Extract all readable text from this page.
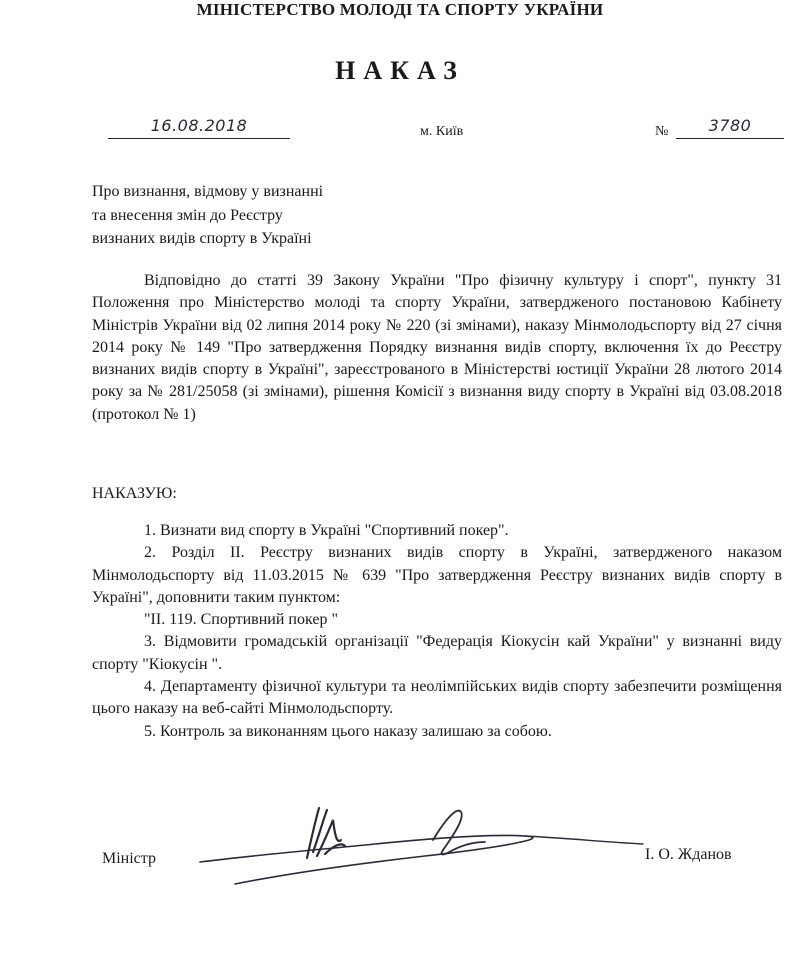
МІНІСТЕРСТВО МОЛОДІ ТА СПОРТУ УКРАЇНИ
НАКАЗ
16.08.2018	м. Київ	№	3780
Про визнання, відмову у визнанні
та внесення змін до Реєстру
визнаних видів спорту в Україні
Відповідно до статті 39 Закону України "Про фізичну культуру і спорт", пункту 31 Положення про Міністерство молоді та спорту України, затвердженого постановою Кабінету Міністрів України від 02 липня 2014 року № 220 (зі змінами), наказу Мінмолодьспорту від 27 січня 2014 року № 149 "Про затвердження Порядку визнання видів спорту, включення їх до Реєстру визнаних видів спорту в Україні", зареєстрованого в Міністерстві юстиції України 28 лютого 2014 року за № 281/25058 (зі змінами), рішення Комісії з визнання виду спорту в Україні від 03.08.2018 (протокол № 1)
НАКАЗУЮ:

1. Визнати вид спорту в Україні "Спортивний покер".

2. Розділ II. Реєстру визнаних видів спорту в Україні, затвердженого наказом Мінмолодьспорту від 11.03.2015 № 639 "Про затвердження Реєстру визнаних видів спорту в Україні", доповнити таким пунктом:

"II. 119. Спортивний покер "

3. Відмовити громадській організації "Федерація Кіокусін кай України" у визнанні виду спорту "Кіокусін ".

4. Департаменту фізичної культури та неолімпійських видів спорту забезпечити розміщення цього наказу на веб-сайті Мінмолодьспорту.

5. Контроль за виконанням цього наказу залишаю за собою.

Міністр	І. О. Жданов
